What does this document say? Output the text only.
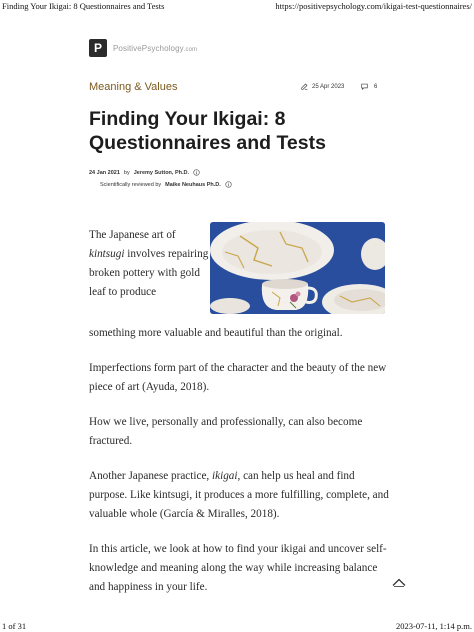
Finding Your Ikigai: 8 Questionnaires and Tests	https://positivepsychology.com/ikigai-test-questionnaires/
P	PositivePsychology.com
Meaning & Values	25 Apr 2023	6
Finding Your Ikigai: 8 Questionnaires and Tests
24 Jan 2021 by Jeremy Sutton, Ph.D.
Scientifically reviewed by Maike Neuhaus Ph.D.

The Japanese art of kintsugi involves repairing broken pottery with gold leaf to produce

something more valuable and beautiful than the original.

Imperfections form part of the character and the beauty of the new piece of art (Ayuda, 2018).

How we live, personally and professionally, can also become fractured.

Another Japanese practice, ikigai, can help us heal and find purpose. Like kintsugi, it produces a more fulfilling, complete, and valuable whole (García & Miralles, 2018).

In this article, we look at how to find your ikigai and uncover self-knowledge and meaning along the way while increasing balance and happiness in your life.

1 of 31	2023-07-11, 1:14 p.m.
